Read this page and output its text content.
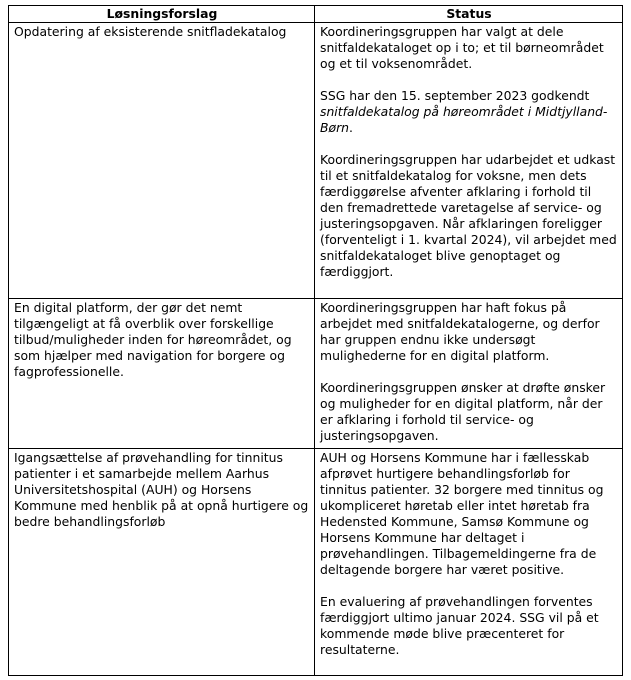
Løsningsforslag	Status
Opdatering af eksisterende snitfladekatalog	Koordineringsgruppen har valgt at dele snitfaldekataloget op i to; et til børneområdet og et til voksenområdet.

SSG har den 15. september 2023 godkendt snitfaldekatalog på høreområdet i Midtjylland- Børn.

Koordineringsgruppen har udarbejdet et udkast til et snitfaldekatalog for voksne, men dets færdiggørelse afventer afklaring i forhold til den fremadrettede varetagelse af service- og justeringsopgaven. Når afklaringen foreligger (forventeligt i 1. kvartal 2024), vil arbejdet med snitfaldekataloget blive genoptaget og færdiggjort.

En digital platform, der gør det nemt tilgængeligt at få overblik over forskellige tilbud/muligheder inden for høreområdet, og som hjælper med navigation for borgere og fagprofessionelle.	Koordineringsgruppen har haft fokus på arbejdet med snitfaldekatalogerne, og derfor har gruppen endnu ikke undersøgt mulighederne for en digital platform.

Koordineringsgruppen ønsker at drøfte ønsker og muligheder for en digital platform, når der er afklaring i forhold til service- og justeringsopgaven.

Igangsættelse af prøvehandling for tinnitus patienter i et samarbejde mellem Aarhus Universitetshospital (AUH) og Horsens Kommune med henblik på at opnå hurtigere og bedre behandlingsforløb	AUH og Horsens Kommune har i fællesskab afprøvet hurtigere behandlingsforløb for tinnitus patienter. 32 borgere med tinnitus og ukompliceret høretab eller intet høretab fra Hedensted Kommune, Samsø Kommune og Horsens Kommune har deltaget i prøvehandlingen. Tilbagemeldingerne fra de deltagende borgere har været positive.

En evaluering af prøvehandlingen forventes færdiggjort ultimo januar 2024. SSG vil på et kommende møde blive præcenteret for resultaterne.
